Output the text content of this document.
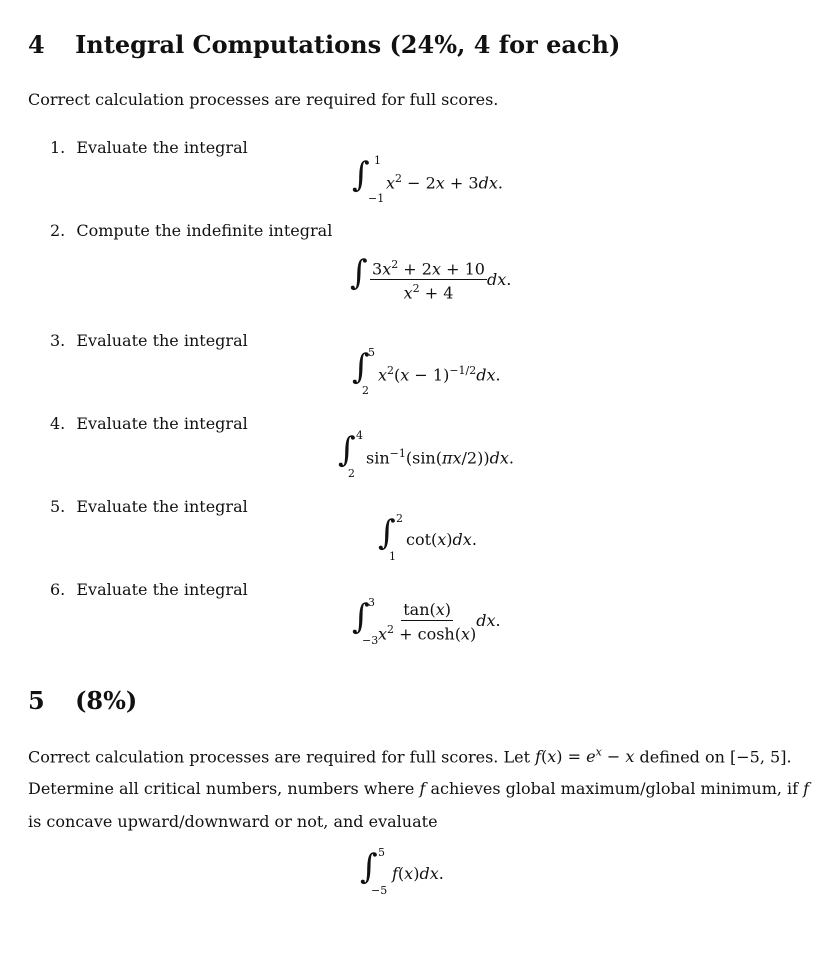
4 Integral Computations (24%, 4 for each)
Correct calculation processes are required for full scores.
1. Evaluate the integral
∫ 1
−1
$x^2 - 2x + 3dx$.
2. Compute the indefinite integral
∫ $\frac{3x^2 + 2x + 10}{x^2 + 4}$ dx.
3. Evaluate the integral
∫
5
2
$x^2(x - 1)^{-1/2}dx$.
4. Evaluate the integral
∫ 4
2
$\sin^{-1}(\sin(\pi x/2))dx$.
5. Evaluate the integral
∫ 2
1
cot(x)dx.
6. Evaluate the integral
∫
3
$-3 \frac{\tan(x)}{x^2 + \cosh(x)}$ dx.
5 (8%)
Correct calculation processes are required for full scores. Let $f(x) = e^x - x$ defined on [−5, 5].
Determine all critical numbers, numbers where f achieves global maximum/global minimum, if f
is concave upward/downward or not, and evaluate
∫ 5
−5
f(x)dx.
